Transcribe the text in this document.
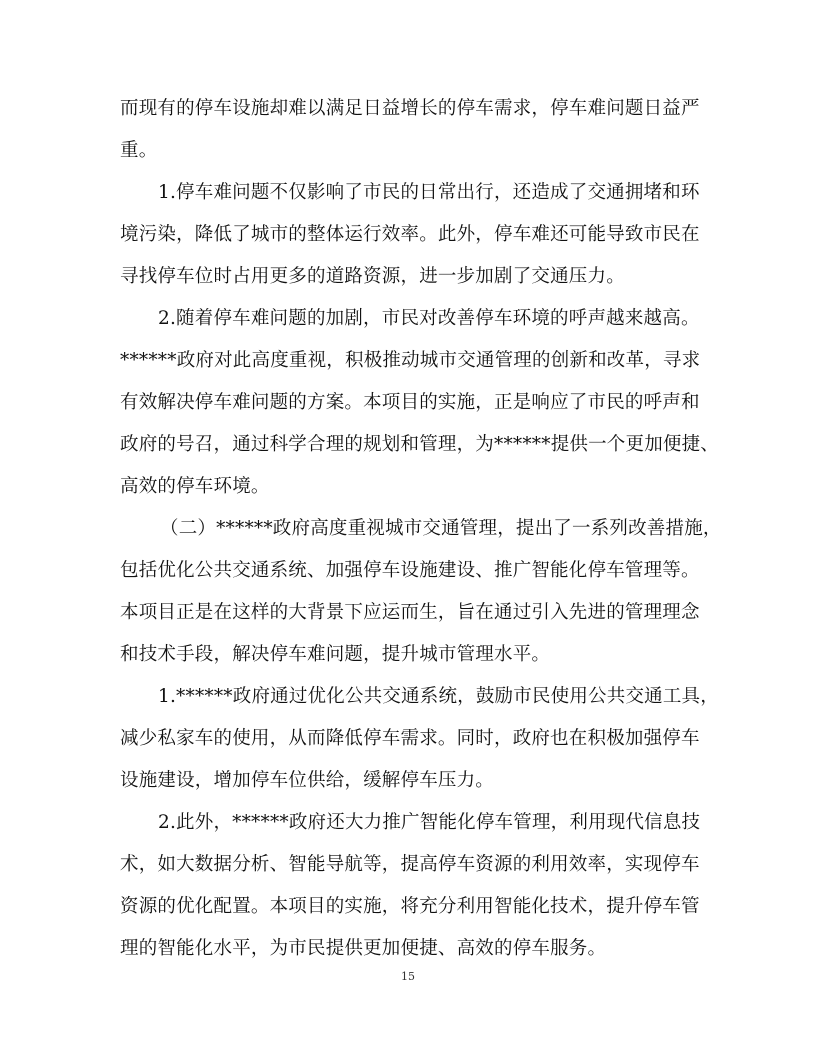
而现有的停车设施却难以满足日益增长的停车需求，停车难问题日益严
重。
1.停车难问题不仅影响了市民的日常出行，还造成了交通拥堵和环
境污染，降低了城市的整体运行效率。此外，停车难还可能导致市民在
寻找停车位时占用更多的道路资源，进一步加剧了交通压力。
2.随着停车难问题的加剧，市民对改善停车环境的呼声越来越高。
******政府对此高度重视，积极推动城市交通管理的创新和改革，寻求
有效解决停车难问题的方案。本项目的实施，正是响应了市民的呼声和
政府的号召，通过科学合理的规划和管理，为******提供一个更加便捷、
高效的停车环境。
（二）******政府高度重视城市交通管理，提出了一系列改善措施，
包括优化公共交通系统、加强停车设施建设、推广智能化停车管理等。
本项目正是在这样的大背景下应运而生，旨在通过引入先进的管理理念
和技术手段，解决停车难问题，提升城市管理水平。
1.******政府通过优化公共交通系统，鼓励市民使用公共交通工具，
减少私家车的使用，从而降低停车需求。同时，政府也在积极加强停车
设施建设，增加停车位供给，缓解停车压力。
2.此外，******政府还大力推广智能化停车管理，利用现代信息技
术，如大数据分析、智能导航等，提高停车资源的利用效率，实现停车
资源的优化配置。本项目的实施，将充分利用智能化技术，提升停车管
理的智能化水平，为市民提供更加便捷、高效的停车服务。
15
